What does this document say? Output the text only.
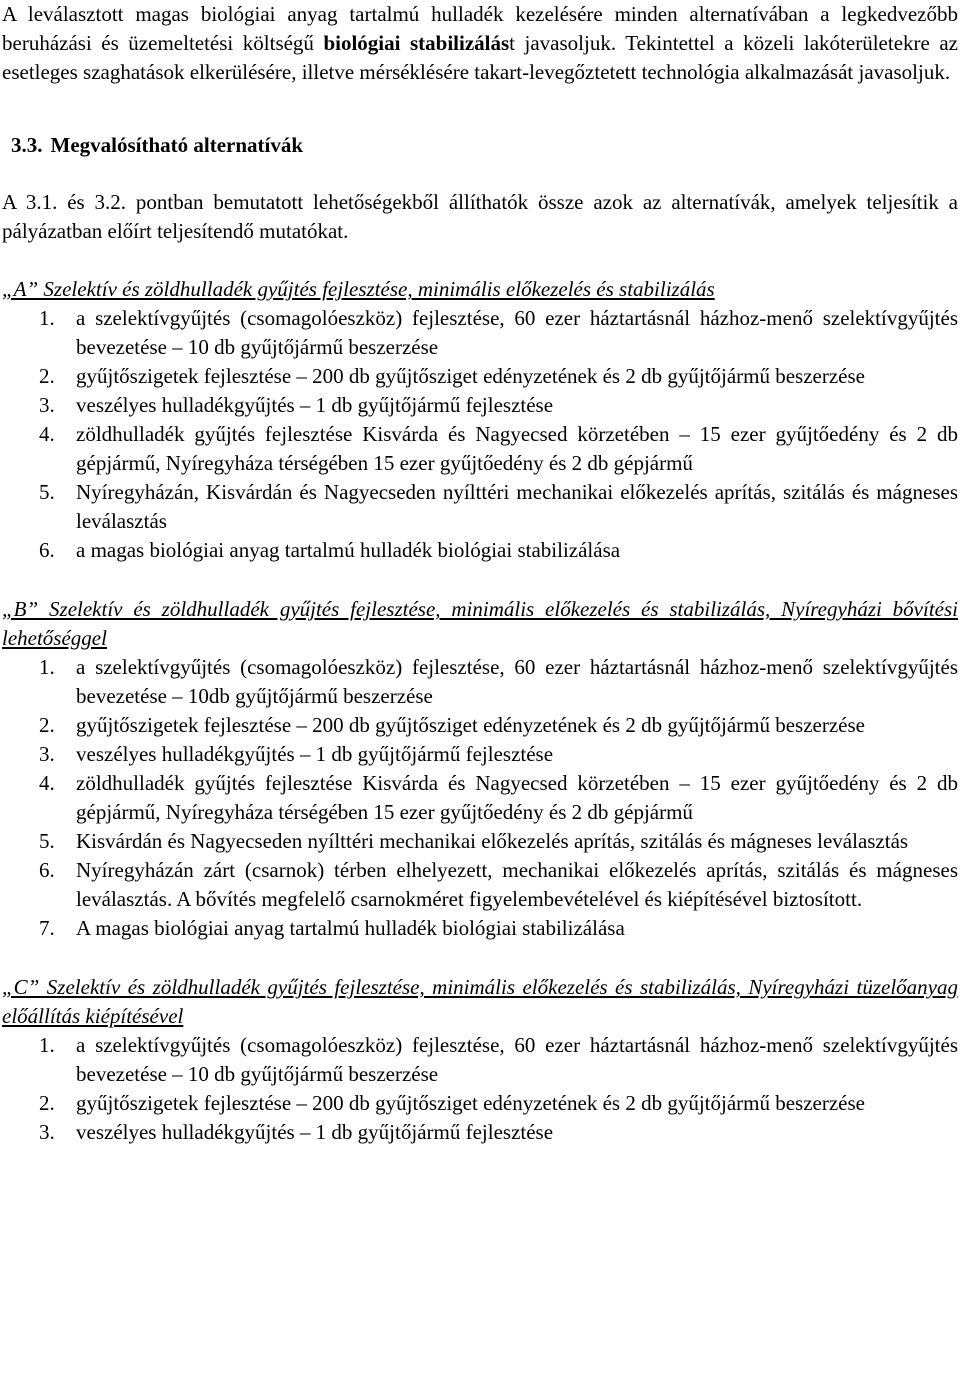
A leválasztott magas biológiai anyag tartalmú hulladék kezelésére minden alternatívában a legkedvezőbb beruházási és üzemeltetési költségű biológiai stabilizálást javasoljuk. Tekintettel a közeli lakóterületekre az esetleges szaghatások elkerülésére, illetve mérséklésére takart-levegőztetett technológia alkalmazását javasoljuk.

3.3. Megvalósítható alternatívák

A 3.1. és 3.2. pontban bemutatott lehetőségekből állíthatók össze azok az alternatívák, amelyek teljesítik a pályázatban előírt teljesítendő mutatókat.

„A” Szelektív és zöldhulladék gyűjtés fejlesztése, minimális előkezelés és stabilizálás
1. a szelektívgyűjtés (csomagolóeszköz) fejlesztése, 60 ezer háztartásnál házhoz-menő szelektívgyűjtés bevezetése – 10 db gyűjtőjármű beszerzése
2. gyűjtőszigetek fejlesztése – 200 db gyűjtősziget edényzetének és 2 db gyűjtőjármű beszerzése
3. veszélyes hulladékgyűjtés – 1 db gyűjtőjármű fejlesztése
4. zöldhulladék gyűjtés fejlesztése Kisvárda és Nagyecsed körzetében – 15 ezer gyűjtőedény és 2 db gépjármű, Nyíregyháza térségében 15 ezer gyűjtőedény és 2 db gépjármű
5. Nyíregyházán, Kisvárdán és Nagyecseden nyílttéri mechanikai előkezelés aprítás, szitálás és mágneses leválasztás
6. a magas biológiai anyag tartalmú hulladék biológiai stabilizálása
„B” Szelektív és zöldhulladék gyűjtés fejlesztése, minimális előkezelés és stabilizálás, Nyíregyházi bővítési lehetőséggel
1. a szelektívgyűjtés (csomagolóeszköz) fejlesztése, 60 ezer háztartásnál házhoz-menő szelektívgyűjtés bevezetése – 10db gyűjtőjármű beszerzése
2. gyűjtőszigetek fejlesztése – 200 db gyűjtősziget edényzetének és 2 db gyűjtőjármű beszerzése
3. veszélyes hulladékgyűjtés – 1 db gyűjtőjármű fejlesztése
4. zöldhulladék gyűjtés fejlesztése Kisvárda és Nagyecsed körzetében – 15 ezer gyűjtőedény és 2 db gépjármű, Nyíregyháza térségében 15 ezer gyűjtőedény és 2 db gépjármű
5. Kisvárdán és Nagyecseden nyílttéri mechanikai előkezelés aprítás, szitálás és mágneses leválasztás
6. Nyíregyházán zárt (csarnok) térben elhelyezett, mechanikai előkezelés aprítás, szitálás és mágneses leválasztás. A bővítés megfelelő csarnokméret figyelembevételével és kiépítésével biztosított.
7. A magas biológiai anyag tartalmú hulladék biológiai stabilizálása
„C” Szelektív és zöldhulladék gyűjtés fejlesztése, minimális előkezelés és stabilizálás, Nyíregyházi tüzelőanyag előállítás kiépítésével
1. a szelektívgyűjtés (csomagolóeszköz) fejlesztése, 60 ezer háztartásnál házhoz-menő szelektívgyűjtés bevezetése – 10 db gyűjtőjármű beszerzése
2. gyűjtőszigetek fejlesztése – 200 db gyűjtősziget edényzetének és 2 db gyűjtőjármű beszerzése
3. veszélyes hulladékgyűjtés – 1 db gyűjtőjármű fejlesztése
